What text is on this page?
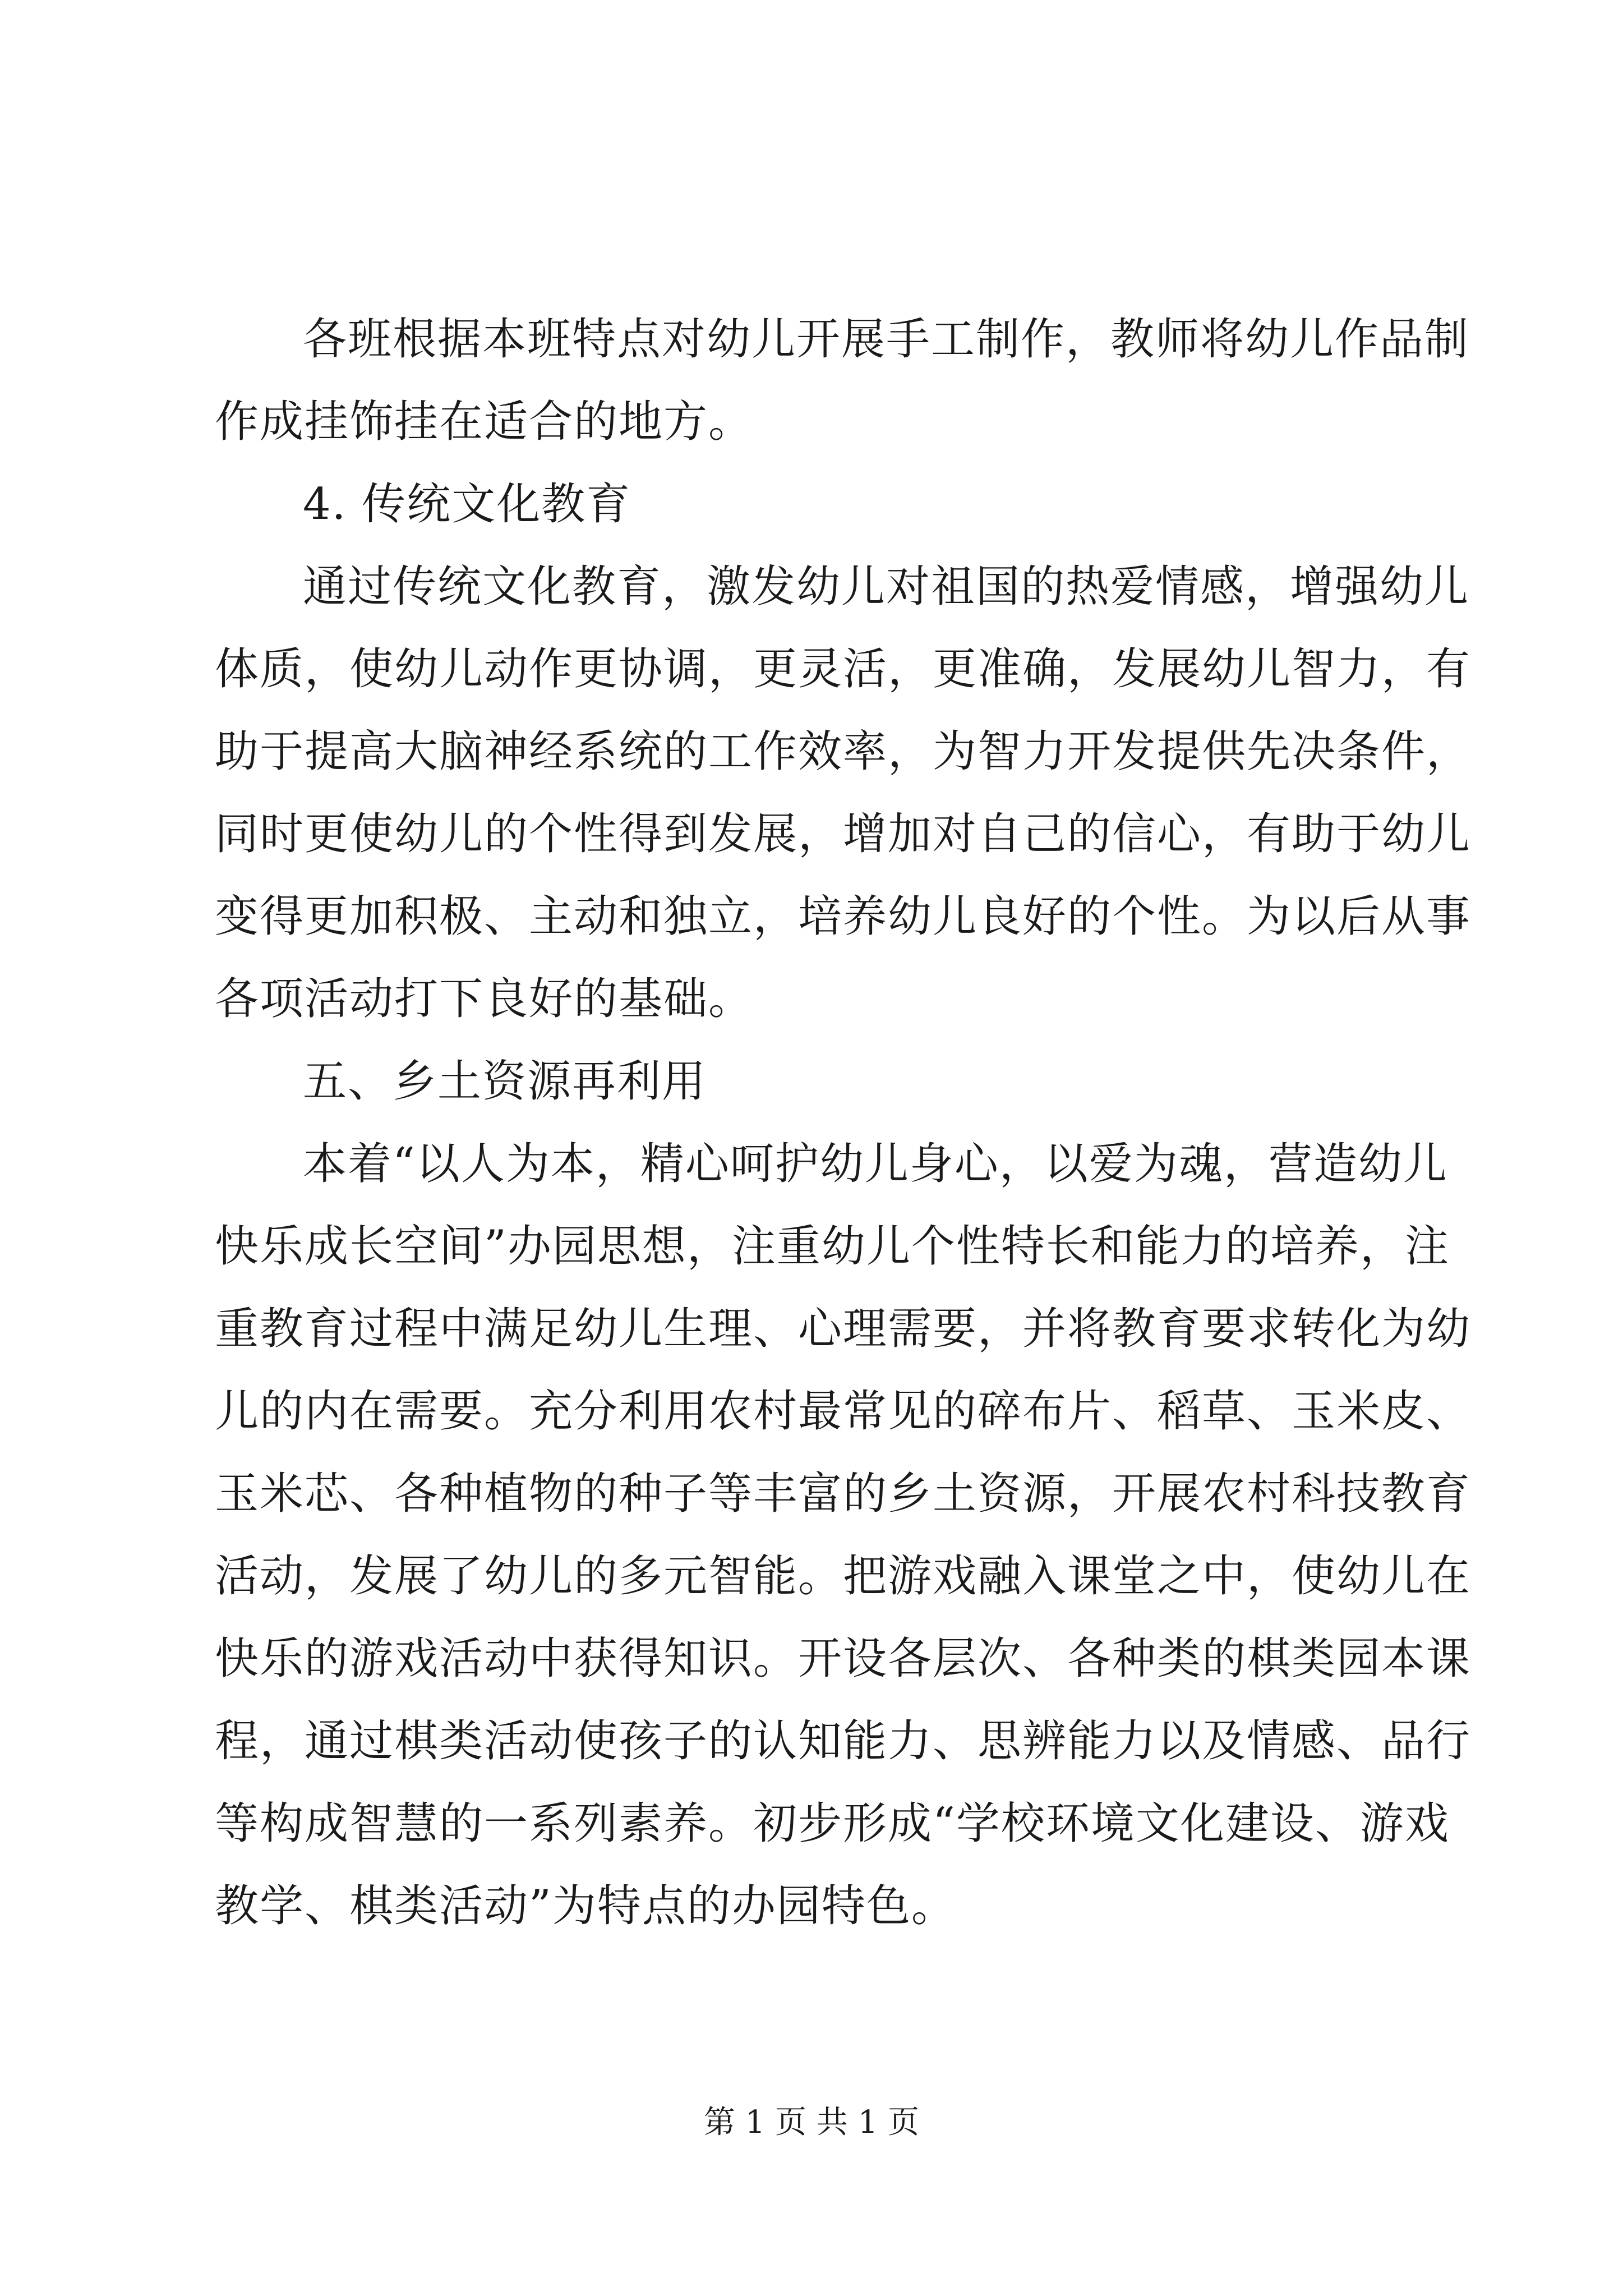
各班根据本班特点对幼儿开展手工制作，教师将幼儿作品制
作成挂饰挂在适合的地方。
4. 传统文化教育
通过传统文化教育，激发幼儿对祖国的热爱情感，增强幼儿
体质，使幼儿动作更协调，更灵活，更准确，发展幼儿智力，有
助于提高大脑神经系统的工作效率，为智力开发提供先决条件，
同时更使幼儿的个性得到发展，增加对自己的信心，有助于幼儿
变得更加积极、主动和独立，培养幼儿良好的个性。为以后从事
各项活动打下良好的基础。
五、乡土资源再利用
本着“以人为本，精心呵护幼儿身心，以爱为魂，营造幼儿
快乐成长空间”办园思想，注重幼儿个性特长和能力的培养，注
重教育过程中满足幼儿生理、心理需要，并将教育要求转化为幼
儿的内在需要。充分利用农村最常见的碎布片、稻草、玉米皮、
玉米芯、各种植物的种子等丰富的乡土资源，开展农村科技教育
活动，发展了幼儿的多元智能。把游戏融入课堂之中，使幼儿在
快乐的游戏活动中获得知识。开设各层次、各种类的棋类园本课
程，通过棋类活动使孩子的认知能力、思辨能力以及情感、品行
等构成智慧的一系列素养。初步形成“学校环境文化建设、游戏
教学、棋类活动”为特点的办园特色。
第 1 页 共 1 页
